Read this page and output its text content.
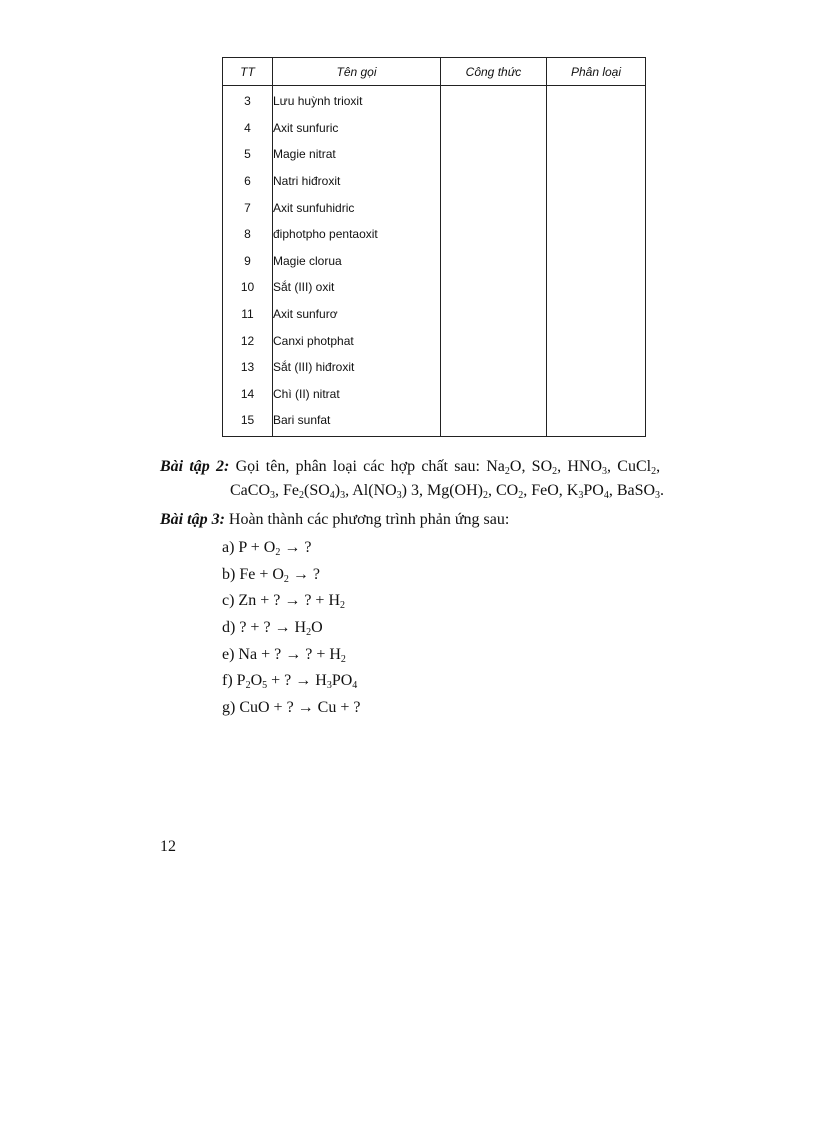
TT	Tên gọi	Công thức	Phân loại
3	Lưu huỳnh trioxit		
4	Axit sunfuric		
5	Magie nitrat		
6	Natri hiđroxit		
7	Axit sunfuhidric		
8	điphotpho pentaoxit		
9	Magie clorua		
10	Sắt (III) oxit		
11	Axit sunfurơ		
12	Canxi photphat		
13	Sắt (III) hiđroxit		
14	Chì (II) nitrat		
15	Bari sunfat		
Bài tập 2: Gọi tên, phân loại các hợp chất sau: $Na_2O$, $SO_2$, $HNO_3$, CuCl$_2$,
CaCO$_3$, $Fe_2(SO_4)_3$, $Al(NO_3)$ 3, $Mg(OH)_2$, $CO_2$, FeO, $K_3PO_4$, BaSO$_3$.
Bài tập 3: Hoàn thành các phương trình phản ứng sau:
a) $P + O_2$ → ?
b) $Fe + O_2$ → ?
c) Zn + ? → ? + $H_2$
d) ? + ? → $H_2O$
e) Na + ? → ? + $H_2$
f) $P_2O_5$ + ? → $H_3PO_4$
g) CuO + ? → Cu + ?
12
